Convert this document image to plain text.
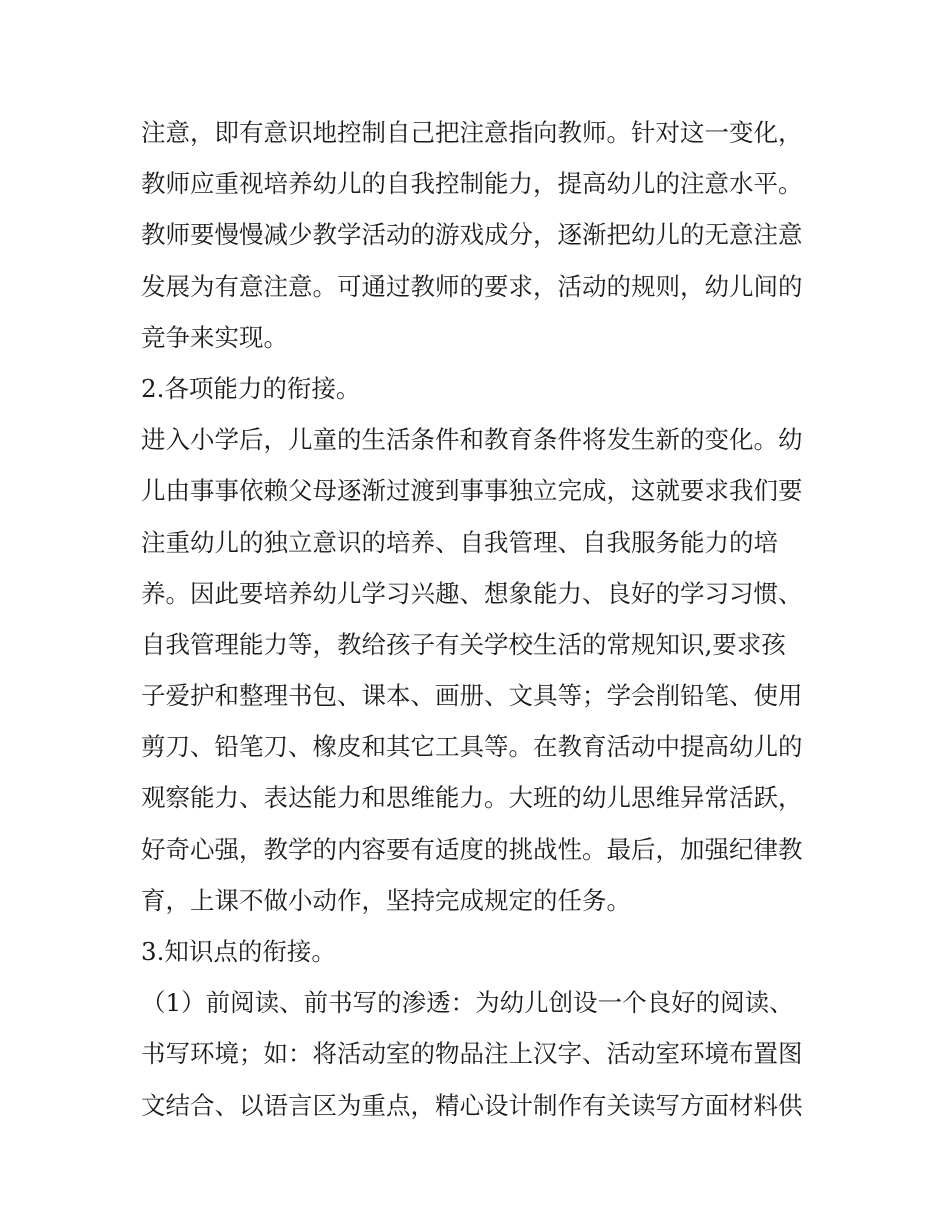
注意，即有意识地控制自己把注意指向教师。针对这一变化，
教师应重视培养幼儿的自我控制能力，提高幼儿的注意水平。
教师要慢慢减少教学活动的游戏成分，逐渐把幼儿的无意注意
发展为有意注意。可通过教师的要求，活动的规则，幼儿间的
竞争来实现。
2.各项能力的衔接。
进入小学后，儿童的生活条件和教育条件将发生新的变化。幼
儿由事事依赖父母逐渐过渡到事事独立完成，这就要求我们要
注重幼儿的独立意识的培养、自我管理、自我服务能力的培
养。因此要培养幼儿学习兴趣、想象能力、良好的学习习惯、
自我管理能力等，教给孩子有关学校生活的常规知识,要求孩
子爱护和整理书包、课本、画册、文具等；学会削铅笔、使用
剪刀、铅笔刀、橡皮和其它工具等。在教育活动中提高幼儿的
观察能力、表达能力和思维能力。大班的幼儿思维异常活跃，
好奇心强，教学的内容要有适度的挑战性。最后，加强纪律教
育，上课不做小动作，坚持完成规定的任务。
3.知识点的衔接。
（1）前阅读、前书写的渗透：为幼儿创设一个良好的阅读、
书写环境；如：将活动室的物品注上汉字、活动室环境布置图
文结合、以语言区为重点，精心设计制作有关读写方面材料供
